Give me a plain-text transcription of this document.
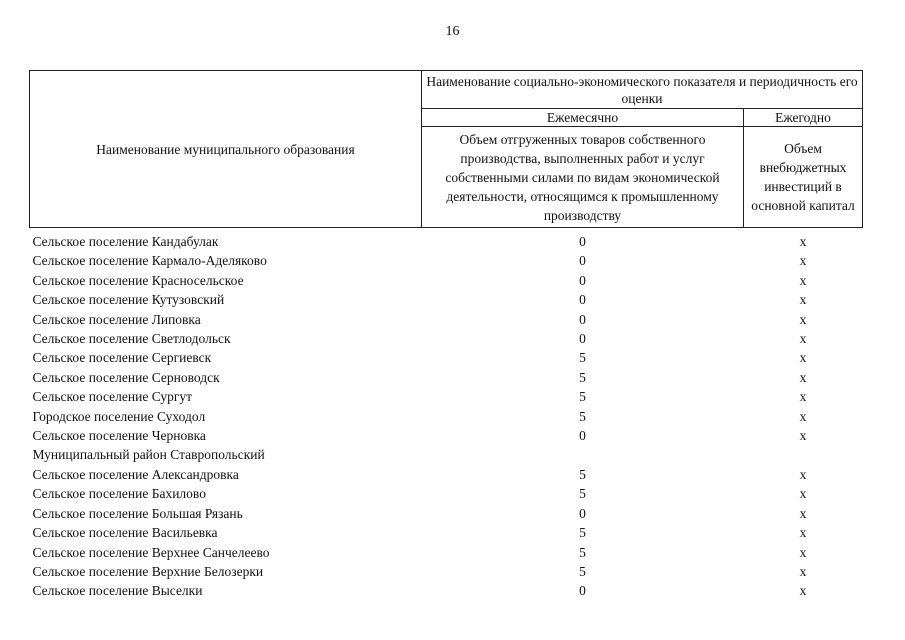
16
Наименование муниципального образования	Наименование социально-экономического показателя и периодичность его оценки	
	Ежемесячно	Ежегодно

	Объем отгруженных товаров собственного производства, выполненных работ и услуг собственными силами по видам экономической деятельности, относящимся к промышленному производству	Объем внебюджетных инвестиций в основной капитал

Сельское поселение Кандабулак	0	х
Сельское поселение Кармало-Аделяково	0	х
Сельское поселение Красносельское	0	х
Сельское поселение Кутузовский	0	х
Сельское поселение Липовка	0	х
Сельское поселение Светлодольск	0	х
Сельское поселение Сергиевск	5	х
Сельское поселение Серноводск	5	х
Сельское поселение Сургут	5	х
Городское поселение Суходол	5	х
Сельское поселение Черновка	0	х
Муниципальный район Ставропольский		
Сельское поселение Александровка	5	х
Сельское поселение Бахилово	5	х
Сельское поселение Большая Рязань	0	х
Сельское поселение Васильевка	5	х
Сельское поселение Верхнее Санчелеево	5	х
Сельское поселение Верхние Белозерки	5	х
Сельское поселение Выселки	0	х
